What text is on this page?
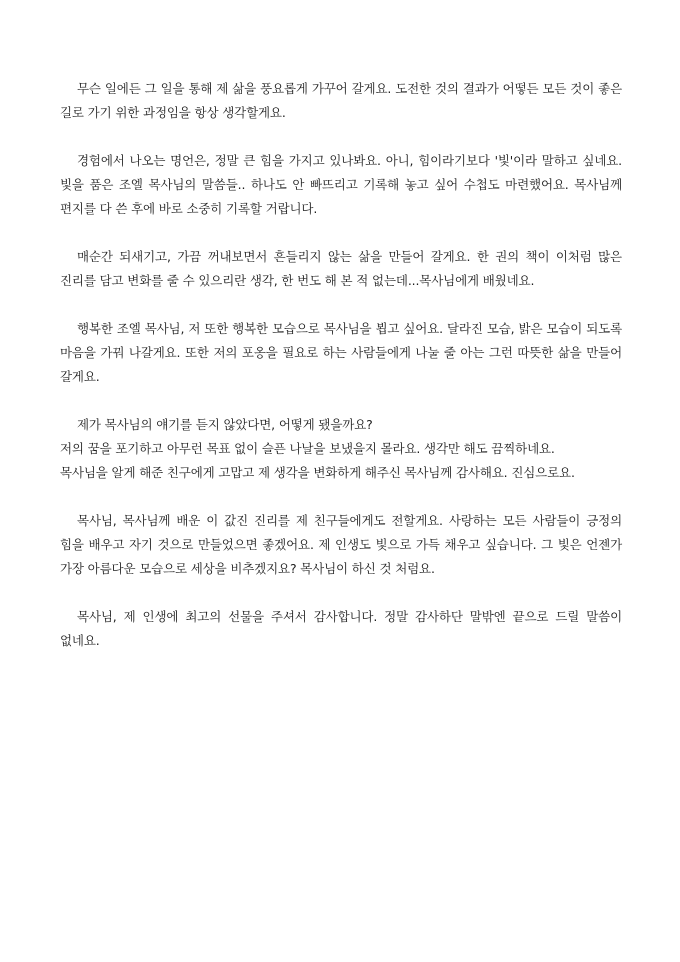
무슨 일에든 그 일을 통해 제 삶을 풍요롭게 가꾸어 갈게요. 도전한 것의 결과가 어떻든 모든 것이 좋은 길로 가기 위한 과정임을 항상 생각할게요.

경험에서 나오는 명언은, 정말 큰 힘을 가지고 있나봐요. 아니, 힘이라기보다 '빛'이라 말하고 싶네요. 빛을 품은 조엘 목사님의 말씀들.. 하나도 안 빠뜨리고 기록해 놓고 싶어 수첩도 마련했어요. 목사님께 편지를 다 쓴 후에 바로 소중히 기록할 거랍니다.

매순간 되새기고, 가끔 꺼내보면서 흔들리지 않는 삶을 만들어 갈게요. 한 권의 책이 이처럼 많은 진리를 담고 변화를 줄 수 있으리란 생각, 한 번도 해 본 적 없는데...목사님에게 배웠네요.

행복한 조엘 목사님, 저 또한 행복한 모습으로 목사님을 뵙고 싶어요. 달라진 모습, 밝은 모습이 되도록 마음을 가꿔 나갈게요. 또한 저의 포옹을 필요로 하는 사람들에게 나눌 줄 아는 그런 따뜻한 삶을 만들어 갈게요.

제가 목사님의 얘기를 듣지 않았다면, 어떻게 됐을까요?
저의 꿈을 포기하고 아무런 목표 없이 슬픈 나날을 보냈을지 몰라요. 생각만 해도 끔찍하네요.
목사님을 알게 해준 친구에게 고맙고 제 생각을 변화하게 해주신 목사님께 감사해요. 진심으로요.

목사님, 목사님께 배운 이 값진 진리를 제 친구들에게도 전할게요. 사랑하는 모든 사람들이 긍정의 힘을 배우고 자기 것으로 만들었으면 좋겠어요. 제 인생도 빛으로 가득 채우고 싶습니다. 그 빛은 언젠가 가장 아름다운 모습으로 세상을 비추겠지요? 목사님이 하신 것 처럼요.

목사님, 제 인생에 최고의 선물을 주셔서 감사합니다. 정말 감사하단 말밖엔 끝으로 드릴 말씀이 없네요.
